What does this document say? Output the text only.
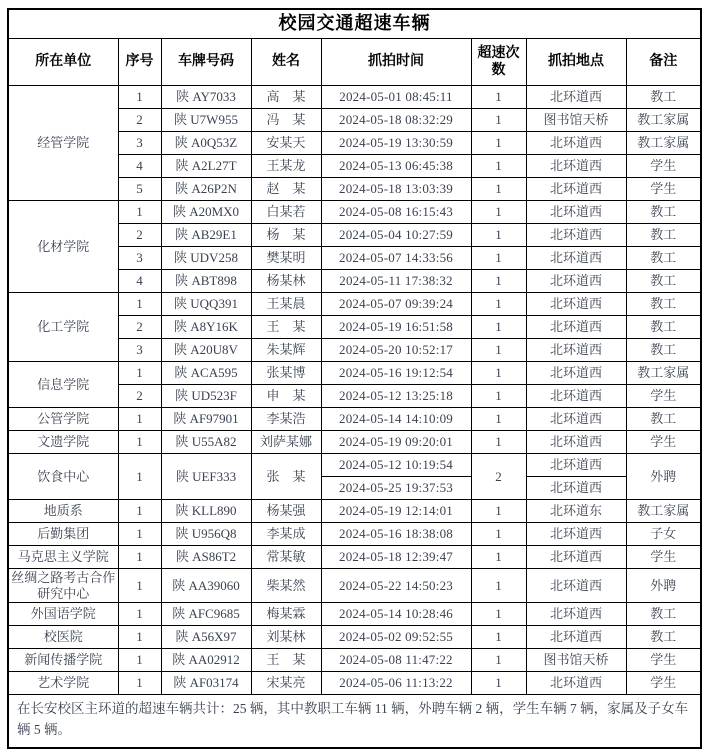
校园交通超速车辆							
所在单位	序号	车牌号码	姓名	抓拍时间	超速次数	抓拍地点	备注
经管学院	1	陕 AY7033	高　某	2024-05-01 08:45:11	1	北环道西	教工
	2	陕 U7W955	冯　某	2024-05-18 08:32:29	1	图书馆天桥	教工家属
	3	陕 A0Q53Z	安某天	2024-05-19 13:30:59	1	北环道西	教工家属
	4	陕 A2L27T	王某龙	2024-05-13 06:45:38	1	北环道西	学生
	5	陕 A26P2N	赵　某	2024-05-18 13:03:39	1	北环道西	学生
化材学院	1	陕 A20MX0	白某若	2024-05-08 16:15:43	1	北环道西	教工
	2	陕 AB29E1	杨　某	2024-05-04 10:27:59	1	北环道西	教工
	3	陕 UDV258	樊某明	2024-05-07 14:33:56	1	北环道西	教工
	4	陕 ABT898	杨某林	2024-05-11 17:38:32	1	北环道西	教工
化工学院	1	陕 UQQ391	王某晨	2024-05-07 09:39:24	1	北环道西	教工
	2	陕 A8Y16K	王　某	2024-05-19 16:51:58	1	北环道西	教工
	3	陕 A20U8V	朱某辉	2024-05-20 10:52:17	1	北环道西	教工
信息学院	1	陕 ACA595	张某博	2024-05-16 19:12:54	1	北环道西	教工家属
	2	陕 UD523F	申　某	2024-05-12 13:25:18	1	北环道西	学生
公管学院	1	陕 AF97901	李某浩	2024-05-14 14:10:09	1	北环道西	教工
文遗学院	1	陕 U55A82	刘萨某娜	2024-05-19 09:20:01	1	北环道西	学生
饮食中心	1	陕 UEF333	张　某	2024-05-12 10:19:54	2	北环道西	外聘
				2024-05-25 19:37:53		北环道西	
地质系	1	陕 KLL890	杨某强	2024-05-19 12:14:01	1	北环道东	教工家属
后勤集团	1	陕 U956Q8	李某成	2024-05-16 18:38:08	1	北环道西	子女
马克思主义学院	1	陕 AS86T2	常某敏	2024-05-18 12:39:47	1	北环道西	学生
丝绸之路考古合作研究中心	1	陕 AA39060	柴某然	2024-05-22 14:50:23	1	北环道西	外聘
外国语学院	1	陕 AFC9685	梅某霖	2024-05-14 10:28:46	1	北环道西	教工
校医院	1	陕 A56X97	刘某林	2024-05-02 09:52:55	1	北环道西	教工
新闻传播学院	1	陕 AA02912	王　某	2024-05-08 11:47:22	1	图书馆天桥	学生
艺术学院	1	陕 AF03174	宋某亮	2024-05-06 11:13:22	1	北环道西	学生
在长安校区主环道的超速车辆共计：25 辆，其中教职工车辆 11 辆，外聘车辆 2 辆，学生车辆 7 辆，家属及子女车辆 5 辆。							
